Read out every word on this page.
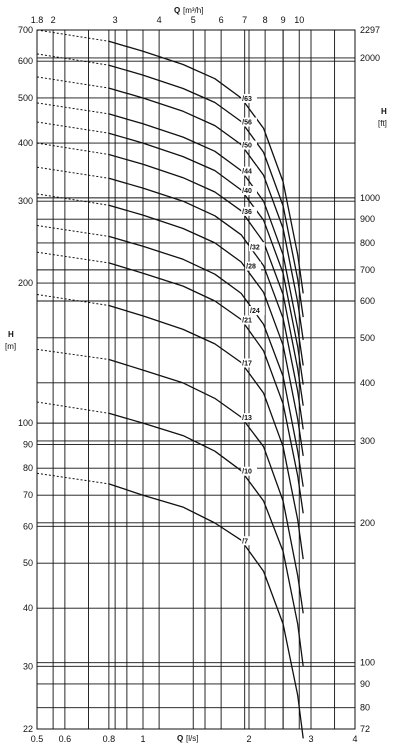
/63
/56
/50
/44
/40
/36
/32
/28
/24
/21
/17
/13
/10
/7
0.5 0.6	0.8	1	2	3	4
1.8 2	3	4	5	6 7 8 9 10
22
30
40
50
60
70
80
90
100
200
300
400
500
600
700
72
80
90
100
200
300
400
500
600
700
800
900
1000
2000
2297
Q [m³/h]
Q [l/s]
H
[m]
H
[ft]
